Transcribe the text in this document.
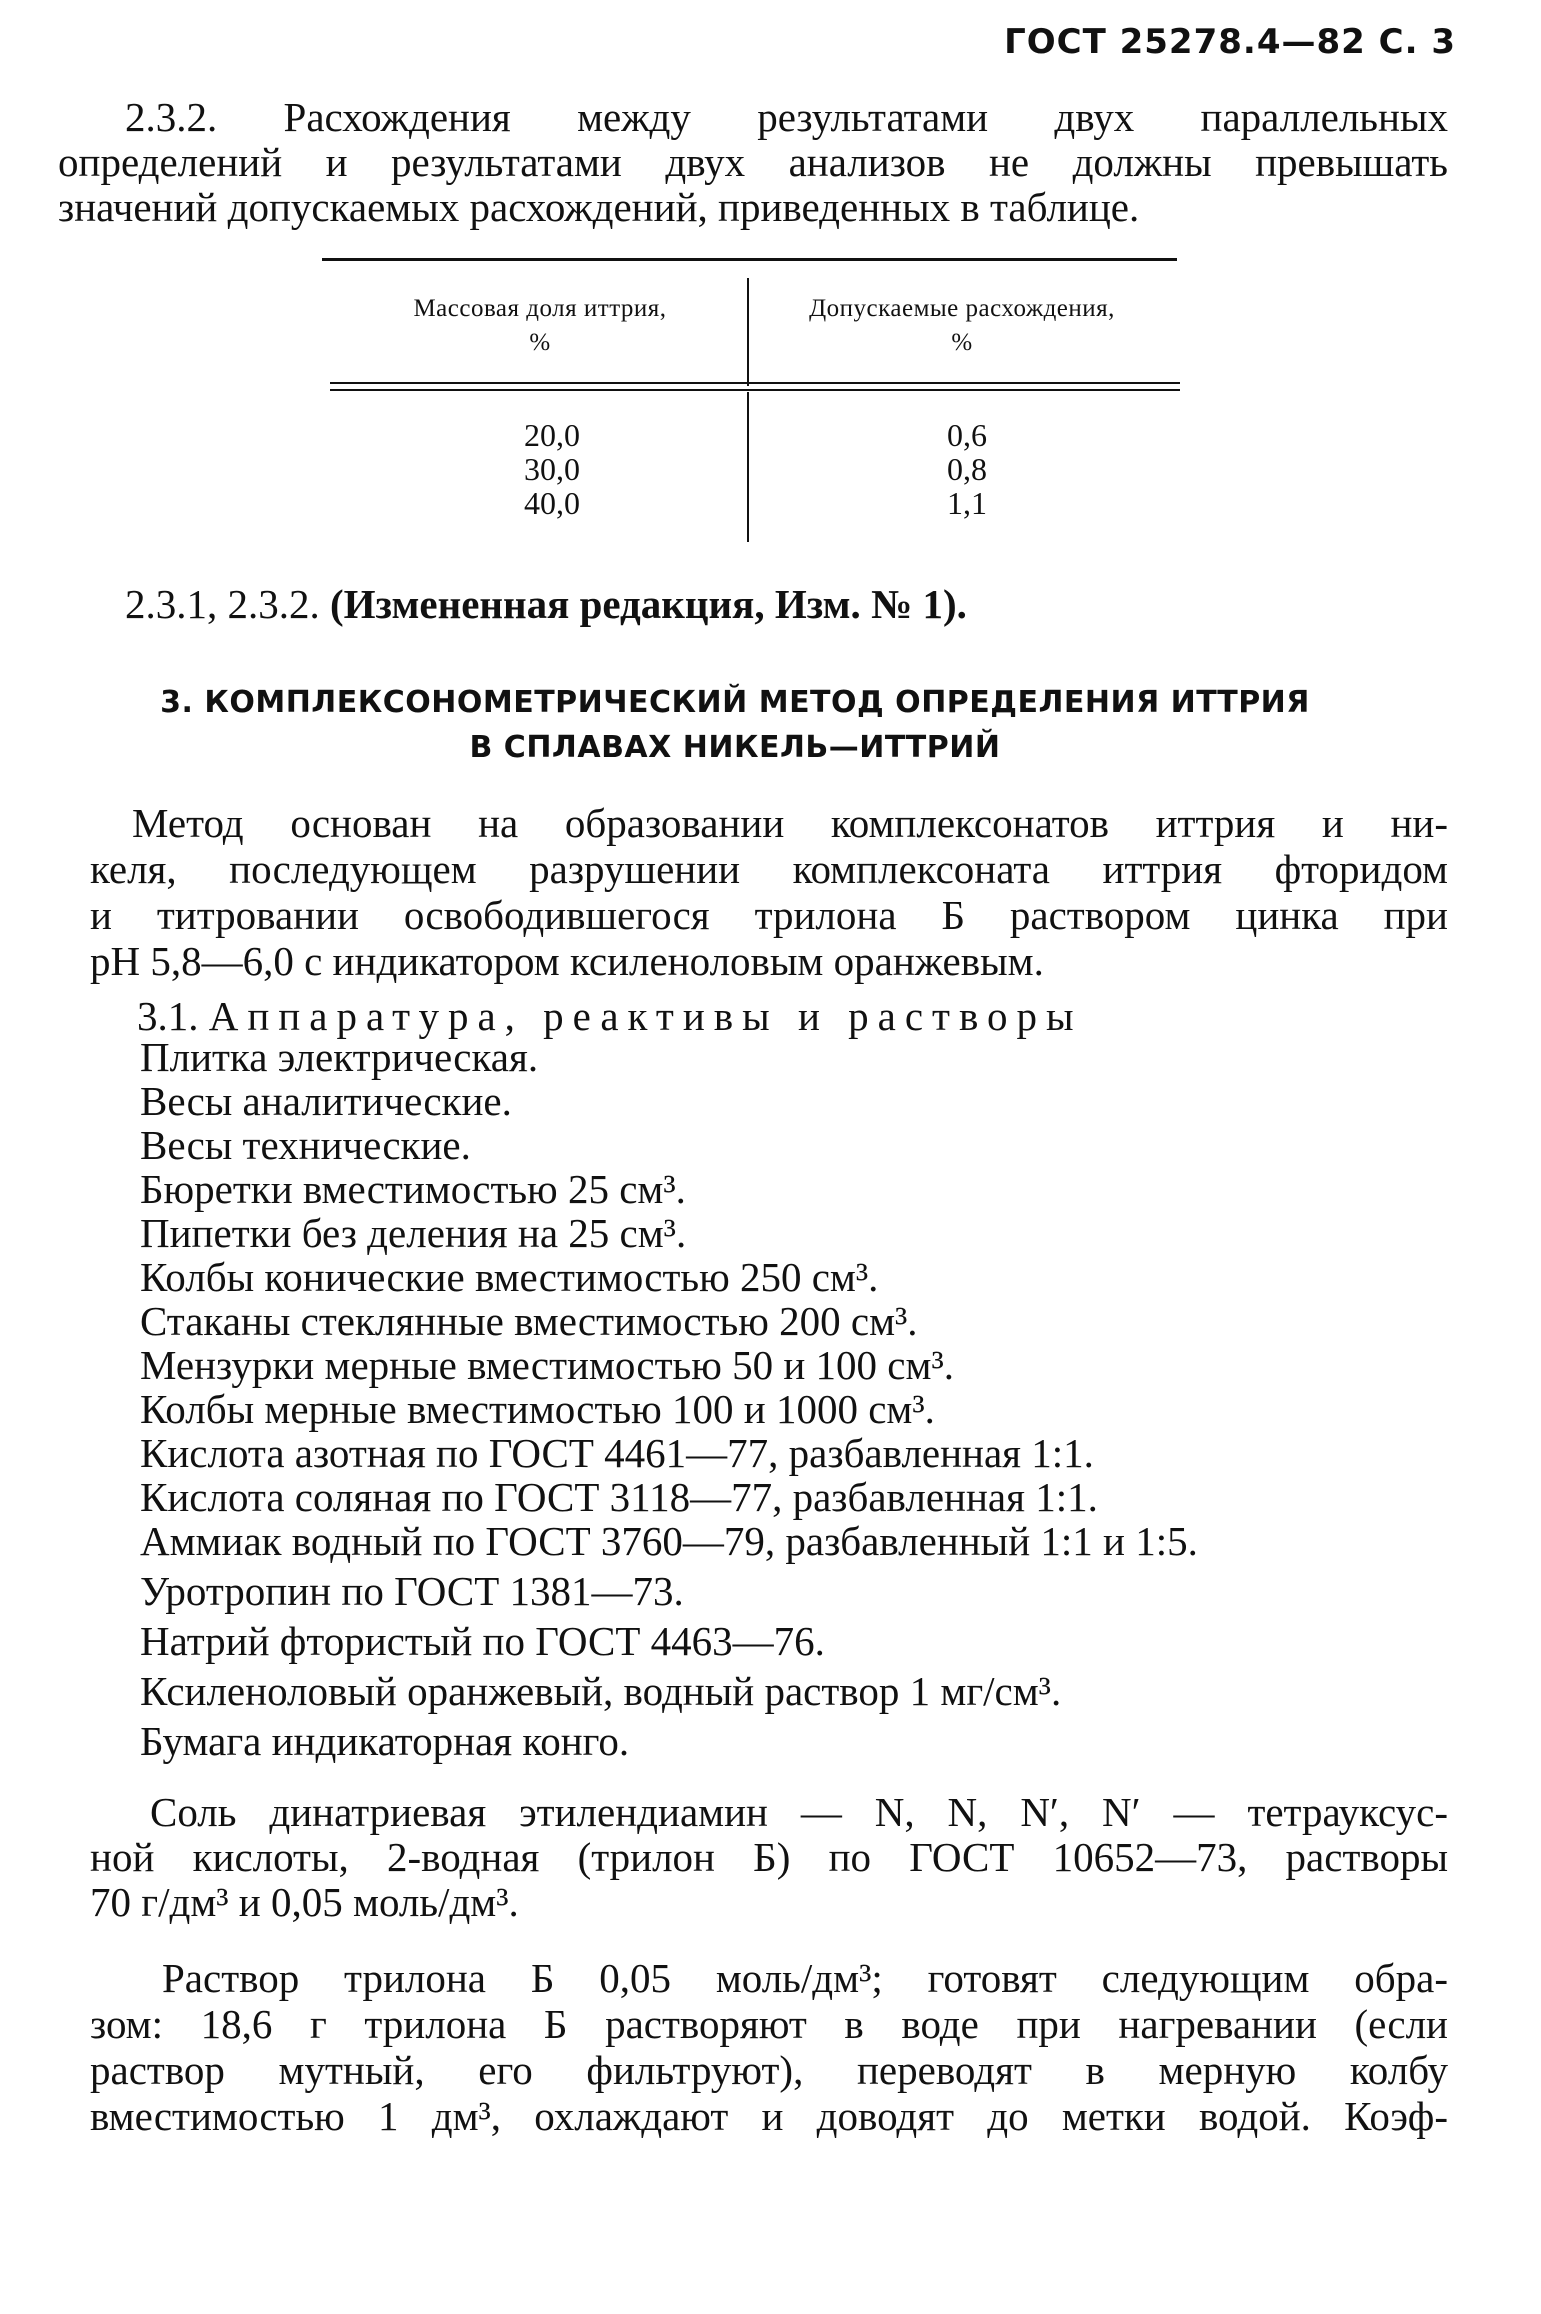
ГОСТ 25278.4—82 С. 3
2.3.2. Расхождения между результатами двух параллельных
определений и результатами двух анализов не должны превышать
значений допускаемых расхождений, приведенных в таблице.
Массовая доля иттрия,
%
Допускаемые расхождения,
%
20,0
30,0
40,0
0,6
0,8
1,1
2.3.1, 2.3.2. (Измененная редакция, Изм. № 1).
3. КОМПЛЕКСОНОМЕТРИЧЕСКИЙ МЕТОД ОПРЕДЕЛЕНИЯ ИТТРИЯ
В СПЛАВАХ НИКЕЛЬ—ИТТРИЙ
Метод основан на образовании комплексонатов иттрия и ни-
келя, последующем разрушении комплексоната иттрия фторидом
и титровании освободившегося трилона Б раствором цинка при
рН 5,8—6,0 с индикатором ксиленоловым оранжевым.
3.1. Аппаратура, реактивы и растворы
Плитка электрическая.
Весы аналитические.
Весы технические.
Бюретки вместимостью 25 см³.
Пипетки без деления на 25 см³.
Колбы конические вместимостью 250 см³.
Стаканы стеклянные вместимостью 200 см³.
Мензурки мерные вместимостью 50 и 100 см³.
Колбы мерные вместимостью 100 и 1000 см³.
Кислота азотная по ГОСТ 4461—77, разбавленная 1:1.
Кислота соляная по ГОСТ 3118—77, разбавленная 1:1.
Аммиак водный по ГОСТ 3760—79, разбавленный 1:1 и 1:5.
Уротропин по ГОСТ 1381—73.
Натрий фтористый по ГОСТ 4463—76.
Ксиленоловый оранжевый, водный раствор 1 мг/см³.
Бумага индикаторная конго.
Соль динатриевая этилендиамин — N, N, N′, N′ — тетрауксус-
ной кислоты, 2-водная (трилон Б) по ГОСТ 10652—73, растворы
70 г/дм³ и 0,05 моль/дм³.
Раствор трилона Б 0,05 моль/дм³; готовят следующим обра-
зом: 18,6 г трилона Б растворяют в воде при нагревании (если
раствор мутный, его фильтруют), переводят в мерную колбу
вместимостью 1 дм³, охлаждают и доводят до метки водой. Коэф-
